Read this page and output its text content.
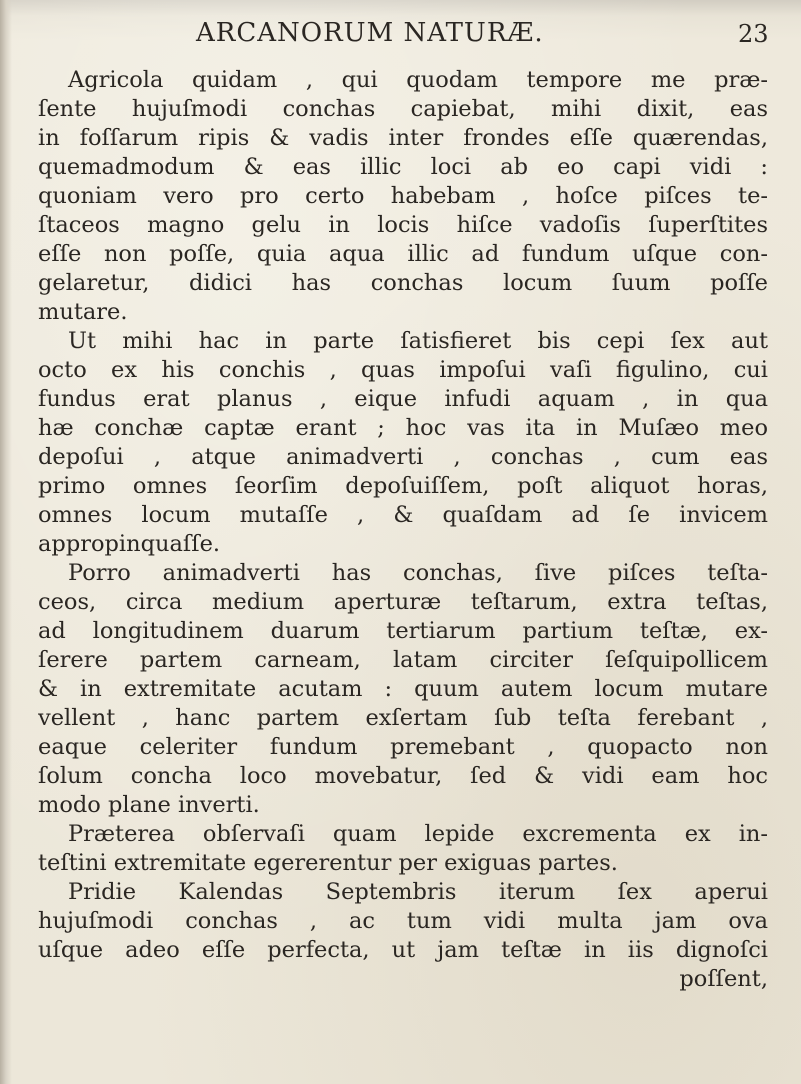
ARCANORUM NATURÆ.	23
Agricola quidam , qui quodam tempore me præ-
ſente hujuſmodi conchas capiebat, mihi dixit, eas
in foſſarum ripis & vadis inter frondes eſſe quærendas,
quemadmodum & eas illic loci ab eo capi vidi :
quoniam vero pro certo habebam , hoſce piſces te-
ſtaceos magno gelu in locis hiſce vadoſis ſuperſtites
eſſe non poſſe, quia aqua illic ad fundum uſque con-
gelaretur, didici has conchas locum ſuum poſſe
mutare.
Ut mihi hac in parte ſatisfieret bis cepi ſex aut
octo ex his conchis , quas impoſui vaſi figulino, cui
fundus erat planus , eique infudi aquam , in qua
hæ conchæ captæ erant ; hoc vas ita in Muſæo meo
depoſui , atque animadverti , conchas , cum eas
primo omnes ſeorſim depoſuiſſem, poſt aliquot horas,
omnes locum mutaſſe , & quaſdam ad ſe invicem
appropinquaſſe.
Porro animadverti has conchas, ſive piſces teſta-
ceos, circa medium aperturæ teſtarum, extra teſtas,
ad longitudinem duarum tertiarum partium teſtæ, ex-
ſerere partem carneam, latam circiter ſeſquipollicem
& in extremitate acutam : quum autem locum mutare
vellent , hanc partem exſertam ſub teſta ferebant ,
eaque celeriter fundum premebant , quopacto non
ſolum concha loco movebatur, ſed & vidi eam hoc
modo plane inverti.
Præterea obſervaſi quam lepide excrementa ex in-
teſtini extremitate egererentur per exiguas partes.
Pridie Kalendas Septembris iterum ſex aperui
hujuſmodi conchas , ac tum vidi multa jam ova
uſque adeo eſſe perfecta, ut jam teſtæ in iis dignoſci
poſſent,
